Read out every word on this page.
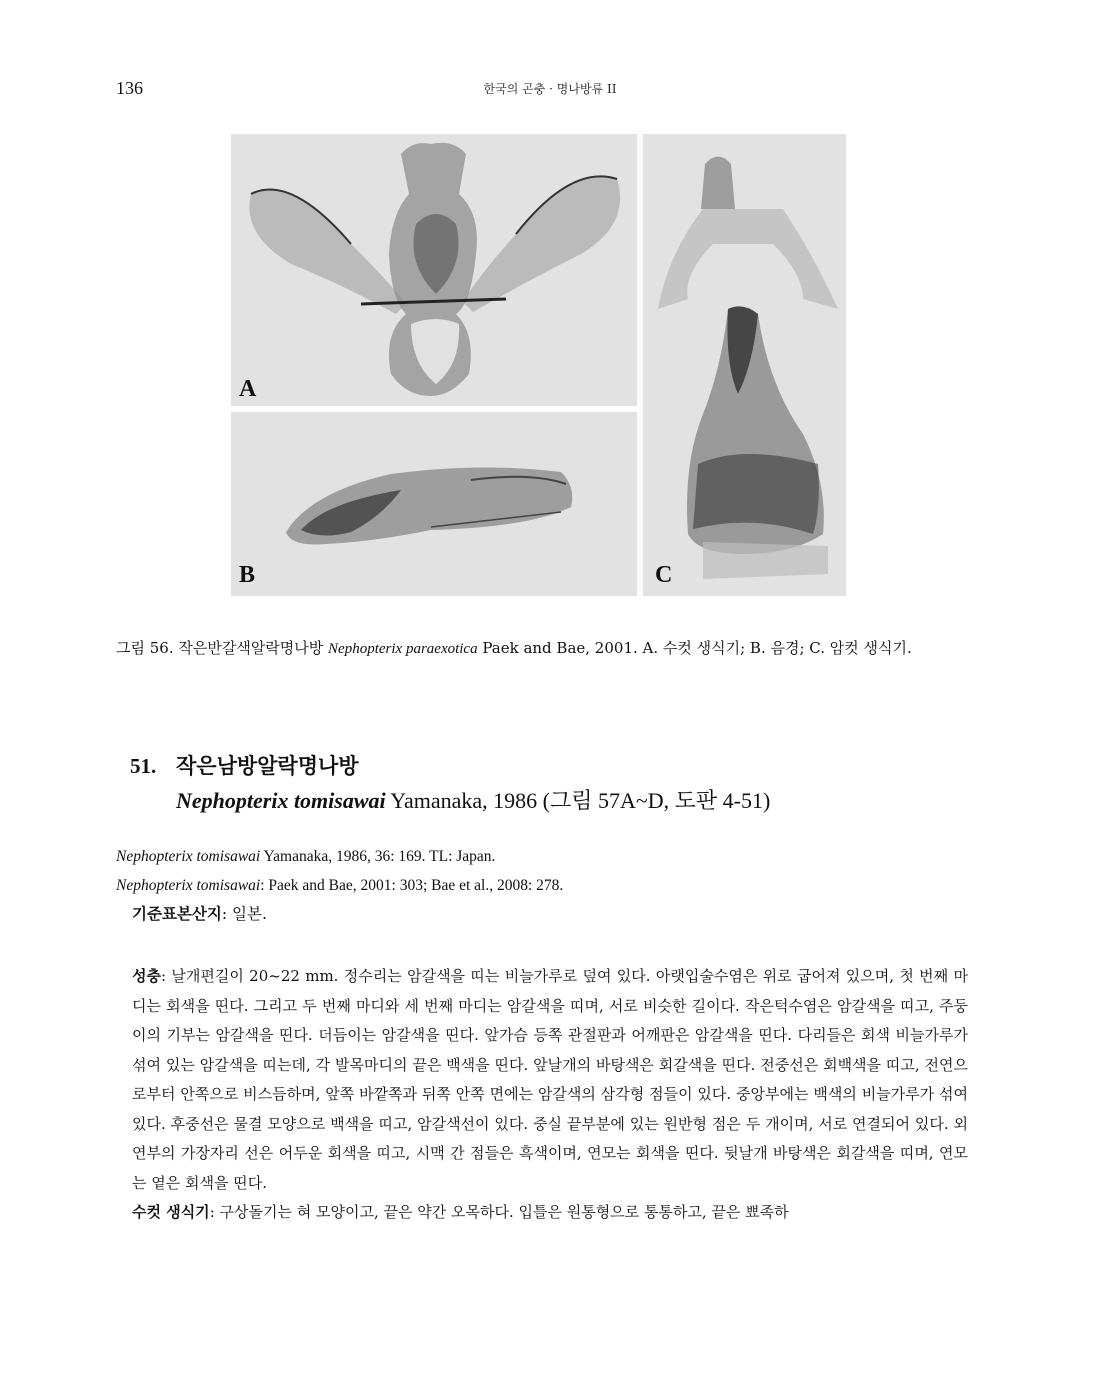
136	한국의 곤충 · 명나방류 II
A
B	C
그림 56. 작은반갈색알락명나방 Nephopterix paraexotica Paek and Bae, 2001. A. 수컷 생식기; B. 음경; C. 암컷 생식기.
51. 작은남방알락명나방
Nephopterix tomisawai Yamanaka, 1986 (그림 57A~D, 도판 4-51)
Nephopterix tomisawai Yamanaka, 1986, 36: 169. TL: Japan.
Nephopterix tomisawai: Paek and Bae, 2001: 303; Bae et al., 2008: 278.
기준표본산지: 일본.
성충: 날개편길이 20~22 mm. 정수리는 암갈색을 띠는 비늘가루로 덮여 있다. 아랫입술수염은 위로 굽어져 있으며, 첫 번째 마디는 회색을 띤다. 그리고 두 번째 마디와 세 번째 마디는 암갈색을 띠며, 서로 비슷한 길이다. 작은턱수염은 암갈색을 띠고, 주둥이의 기부는 암갈색을 띤다. 더듬이는 암갈색을 띤다. 앞가슴 등쪽 관절판과 어깨판은 암갈색을 띤다. 다리들은 회색 비늘가루가 섞여 있는 암갈색을 띠는데, 각 발목마디의 끝은 백색을 띤다. 앞날개의 바탕색은 회갈색을 띤다. 전중선은 회백색을 띠고, 전연으로부터 안쪽으로 비스듬하며, 앞쪽 바깥쪽과 뒤쪽 안쪽 면에는 암갈색의 삼각형 점들이 있다. 중앙부에는 백색의 비늘가루가 섞여 있다. 후중선은 물결 모양으로 백색을 띠고, 암갈색선이 있다. 중실 끝부분에 있는 원반형 점은 두 개이며, 서로 연결되어 있다. 외연부의 가장자리 선은 어두운 회색을 띠고, 시맥 간 점들은 흑색이며, 연모는 회색을 띤다. 뒷날개 바탕색은 회갈색을 띠며, 연모는 옅은 회색을 띤다.
수컷 생식기: 구상돌기는 혀 모양이고, 끝은 약간 오목하다. 입틀은 원통형으로 통통하고, 끝은 뾰족하
